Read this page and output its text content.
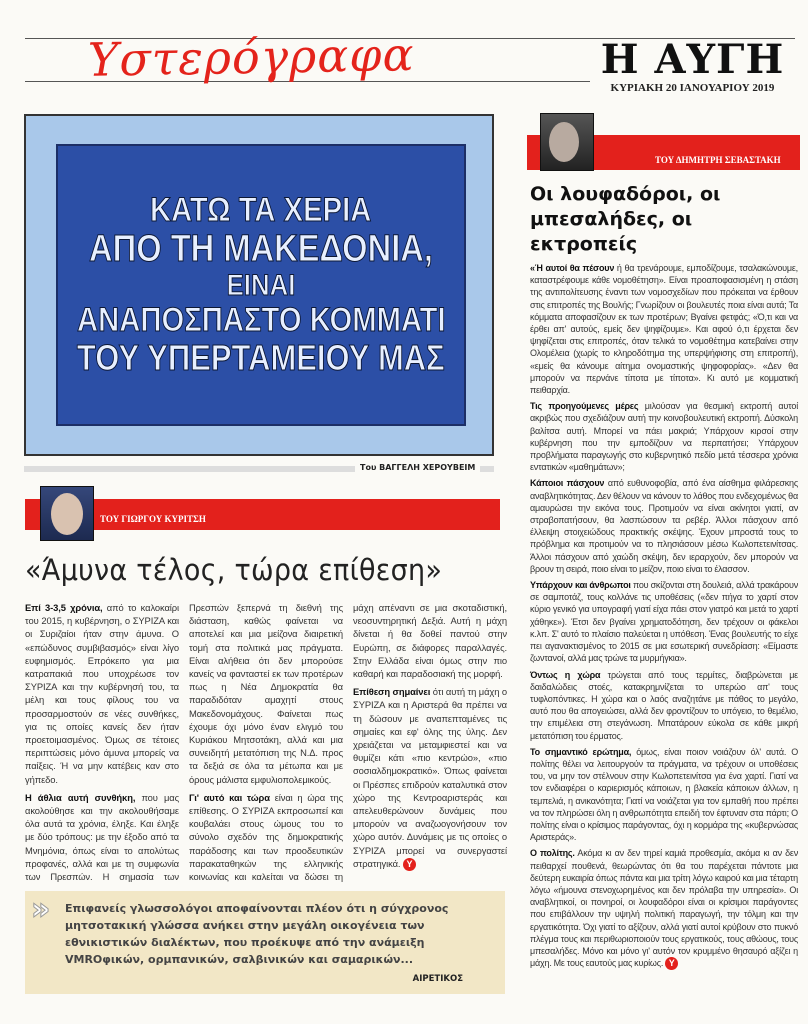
Υστερόγραφα	Η ΑΥΓΗ
ΚΥΡΙΑΚΗ 20 ΙΑΝΟΥΑΡΙΟΥ 2019
ΚΑΤΩ ΤΑ ΧΕΡΙΑ
ΑΠΟ ΤΗ ΜΑΚΕΔΟΝΙΑ,
ΕΙΝΑΙ
ΑΝΑΠΟΣΠΑΣΤΟ ΚΟΜΜΑΤΙ
ΤΟΥ ΥΠΕΡΤΑΜΕΙΟΥ ΜΑΣ
Του ΒΑΓΓΕΛΗ ΧΕΡΟΥΒΕΙΜ
ΤΟΥ ΓΙΩΡΓΟΥ ΚΥΡΙΤΣΗ
«Άμυνα τέλος, τώρα επίθεση»

Επί 3-3,5 χρόνια, από το καλοκαίρι του 2015, η κυβέρνηση, ο ΣΥΡΙΖΑ και οι Συριζαίοι ήταν στην άμυνα. Ο «επώδυνος συμβιβασμός» είναι λίγο ευφημισμός. Επρόκειτο για μια κατραπακιά που υποχρέωσε τον ΣΥΡΙΖΑ και την κυβέρνησή του, τα μέλη και τους φίλους του να προσαρμοστούν σε νέες συνθήκες, για τις οποίες κανείς δεν ήταν προετοιμασμένος. Όμως σε τέτοιες περιπτώσεις μόνο άμυνα μπορείς να παίξεις. Ή να μην κατέβεις καν στο γήπεδο.

Η άθλια αυτή συνθήκη, που μας ακολούθησε και την ακολουθήσαμε όλα αυτά τα χρόνια, έληξε. Και έληξε με δύο τρόπους: με την έξοδο από τα Μνημόνια, όπως είναι το απολύτως προφανές, αλλά και με τη συμφωνία των Πρεσπών. Η σημασία των Πρεσπών ξεπερνά τη διεθνή της διάσταση, καθώς φαίνεται να αποτελεί και μια μείζονα διαιρετική τομή στα πολιτικά μας πράγματα. Είναι αλήθεια ότι δεν μπορούσε κανείς να φανταστεί εκ των προτέρων πως η Νέα Δημοκρατία θα παραδιδόταν αμαχητί στους Μακεδονομάχους. Φαίνεται πως έχουμε όχι μόνο έναν ελιγμό του Κυριάκου Μητσοτάκη, αλλά και μια συνειδητή μετατόπιση της Ν.Δ. προς τα δεξιά σε όλα τα μέτωπα και με όρους μάλιστα εμφυλιοπολεμικούς.

Γι' αυτό και τώρα είναι η ώρα της επίθεσης. Ο ΣΥΡΙΖΑ εκπροσωπεί και κουβαλάει στους ώμους του το σύνολο σχεδόν της δημοκρατικής παράδοσης και των προοδευτικών παρακαταθηκών της ελληνικής κοινωνίας και καλείται να δώσει τη μάχη απέναντι σε μια σκοταδιστική, νεοσυντηρητική Δεξιά. Αυτή η μάχη δίνεται ή θα δοθεί παντού στην Ευρώπη, σε διάφορες παραλλαγές. Στην Ελλάδα είναι όμως στην πιο καθαρή και παραδοσιακή της μορφή.

Επίθεση σημαίνει ότι αυτή τη μάχη ο ΣΥΡΙΖΑ και η Αριστερά θα πρέπει να τη δώσουν με αναπεπταμένες τις σημαίες και εφ' όλης της ύλης. Δεν χρειάζεται να μεταμφιεστεί και να θυμίζει κάτι «πιο κεντρώο», «πιο σοσιαλδημοκρατικό». Όπως φαίνεται οι Πρέσπες επιδρούν καταλυτικά στον χώρο της Κεντροαριστεράς και απελευθερώνουν δυνάμεις που μπορούν να αναζωογονήσουν τον χώρο αυτόν. Δυνάμεις με τις οποίες ο ΣΥΡΙΖΑ μπορεί να συνεργαστεί στρατηγικά. Y

» Επιφανείς γλωσσολόγοι αποφαίνονται πλέον ότι η σύγχρονος μητσοτακική γλώσσα ανήκει στην μεγάλη οικογένεια των εθνικιστικών διαλέκτων, που προέκυψε από την ανάμειξη VMROφικών, ορμπανικών, σαλβινικών και σαμαρικών...
ΑΙΡΕΤΙΚΟΣ
ΤΟΥ ΔΗΜΗΤΡΗ ΣΕΒΑΣΤΑΚΗ
Οι λουφαδόροι, οι μπεσαλήδες, οι εκτροπείς

«Ή αυτοί θα πέσουν ή θα τρενάρουμε, εμποδίζουμε, τσαλακώνουμε, καταστρέφουμε κάθε νομοθέτηση». Είναι προαποφασισμένη η στάση της αντιπολίτευσης έναντι των νομοσχεδίων που πρόκειται να έρθουν στις επιτροπές της Βουλής; Γνωρίζουν οι βουλευτές ποια είναι αυτά; Τα κόμματα αποφασίζουν εκ των προτέρων; Βγαίνει φετφάς; «Ό,τι και να έρθει απ' αυτούς, εμείς δεν ψηφίζουμε». Και αφού ό,τι έρχεται δεν ψηφίζεται στις επιτροπές, όταν τελικά το νομοθέτημα κατεβαίνει στην Ολομέλεια (χωρίς το κληροδότημα της υπερψήφισης στη επιτροπή), «εμείς θα κάνουμε αίτημα ονομαστικής ψηφοφορίας». «Δεν θα μπορούν να περνάνε τίποτα με τίποτα». Κι αυτό με κομματική πειθαρχία.

Τις προηγούμενες μέρες μιλούσαν για θεσμική εκτροπή αυτοί ακριβώς που σχεδιάζουν αυτή την κοινοβουλευτική εκτροπή. Δύσκολη βαλίτσα αυτή. Μπορεί να πάει μακριά; Υπάρχουν κιρσοί στην κυβέρνηση που την εμποδίζουν να περπατήσει; Υπάρχουν προβλήματα παραγωγής στο κυβερνητικό πεδίο μετά τέσσερα χρόνια εντατικών «μαθημάτων»;

Κάποιοι πάσχουν από ευθυνοφοβία, από ένα αίσθημα φιλάρεσκης αναβλητικότητας. Δεν θέλουν να κάνουν το λάθος που ενδεχομένως θα αμαυρώσει την εικόνα τους. Προτιμούν να είναι ακίνητοι γιατί, αν στραβοπατήσουν, θα λασπώσουν τα ρεβέρ. Άλλοι πάσχουν από έλλειψη στοιχειώδους πρακτικής σκέψης. Έχουν μπροστά τους το πρόβλημα και προτιμούν να το πλησιάσουν μέσω Κωλοπετεινίτσας. Άλλοι πάσχουν από χαώδη σκέψη, δεν ιεραρχούν, δεν μπορούν να βρουν τη σειρά, ποιο είναι το μείζον, ποιο είναι το έλασσον.

Υπάρχουν και άνθρωποι που σκίζονται στη δουλειά, αλλά τρακάρουν σε σαμποτάζ, τους κολλάνε τις υποθέσεις («δεν πήγα το χαρτί στον κύριο γενικό για υπογραφή γιατί είχα πάει στον γιατρό και μετά το χαρτί χάθηκε»). Έτσι δεν βγαίνει χρηματοδότηση, δεν τρέχουν οι φάκελοι κ.λπ. Σ' αυτό το πλαίσιο παλεύεται η υπόθεση. Ένας βουλευτής το είχε πει αγανακτισμένος το 2015 σε μια εσωτερική συνεδρίαση: «Είμαστε ζωντανοί, αλλά μας τρώνε τα μυρμήγκια».

Όντως η χώρα τρώγεται από τους τερμίτες, διαβρώνεται με δαιδαλώδεις στοές, κατακρημνίζεται το υπερώο απ' τους τυφλοπόντικες. Η χώρα και ο λαός αναζητάνε με πάθος το μεγάλο, αυτό που θα απογειώσει, αλλά δεν φροντίζουν το υπόγειο, το θεμέλιο, την επιμέλεια στη στεγάνωση. Μπατάρουν εύκολα σε κάθε μικρή μετατόπιση του έρματος.

Το σημαντικό ερώτημα, όμως, είναι ποιον νοιάζουν όλ' αυτά. Ο πολίτης θέλει να λειτουργούν τα πράγματα, να τρέχουν οι υποθέσεις του, να μην τον στέλνουν στην Κωλοπετεινίτσα για ένα χαρτί. Γιατί να τον ενδιαφέρει ο καριερισμός κάποιων, η βλακεία κάποιων άλλων, η τεμπελιά, η ανικανότητα; Γιατί να νοιάζεται για τον εμπαθή που πρέπει να τον πληρώσει όλη η ανθρωπότητα επειδή τον έφτυναν στα πάρτι; Ο πολίτης είναι ο κρίσιμος παράγοντας, όχι η κορμάρα της «κυβερνώσας Αριστεράς».

Ο πολίτης. Ακόμα κι αν δεν τηρεί καμιά προθεσμία, ακόμα κι αν δεν πειθαρχεί πουθενά, θεωρώντας ότι θα του παρέχεται πάντοτε μια δεύτερη ευκαιρία όπως πάντα και μια τρίτη λόγω καιρού και μια τέταρτη λόγω «ήμουνα στενοχωρημένος και δεν πρόλαβα την υπηρεσία». Οι αναβλητικοί, οι πονηροί, οι λουφαδόροι είναι οι κρίσιμοι παράγοντες που επιβάλλουν την υψηλή πολιτική παραγωγή, την τόλμη και την εργατικότητα. Όχι γιατί το αξίζουν, αλλά γιατί αυτοί κρύβουν στο πυκνό πλέγμα τους και περιθωριοποιούν τους εργατικούς, τους αθώους, τους μπεσαλήδες. Μόνο και μόνο γι' αυτόν τον κρυμμένο θησαυρό αξίζει η μάχη. Με τους εαυτούς μας κυρίως. Y
